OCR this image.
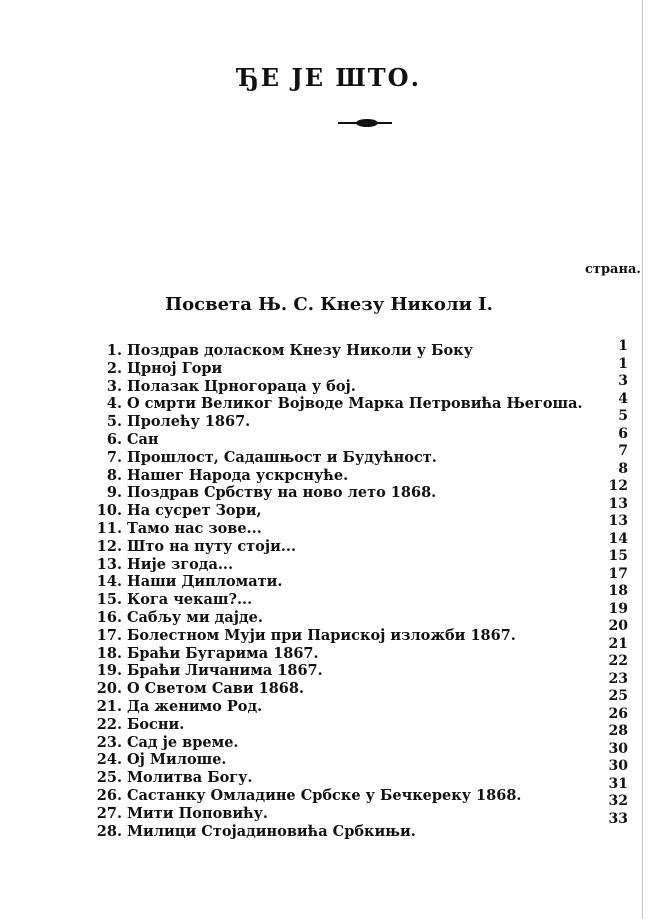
ЂЕ ЈЕ ШТО.
страна.
Посвета Њ. С. Кнезу Николи I.
1. Поздрав доласком Кнезу Николи у Боку
2. Црној Гори
3. Полазак Црногораца у бој.
4. О смрти Великог Војводе Марка Петровића Његоша.
5. Пролећу 1867.
6. Сан
7. Прошлост, Садашњост и Будућност.
8. Нашег Народа ускрснуће.
9. Поздрав Србству на ново лето 1868.
10. На сусрет Зори,
11. Тамо нас зове...
12. Што на путу стоји...
13. Није згода...
14. Наши Дипломати.
15. Кога чекаш?...
16. Сабљу ми дајде.
17. Болестном Муји при Париској изложби 1867.
18. Браћи Бугарима 1867.
19. Браћи Личанима 1867.
20. О Светом Сави 1868.
21. Да женимо Род.
22. Босни.
23. Сад је време.
24. Ој Милоше.
25. Молитва Богу.
26. Састанку Омладине Србске у Бечкереку 1868.
27. Мити Поповићу.
28. Милици Стојадиновића Србкињи.
1
1
3
4
5
6
7
8
12
13
13
14
15
17
18
19
20
21
22
23
25
26
28
30
30
31
32
33
